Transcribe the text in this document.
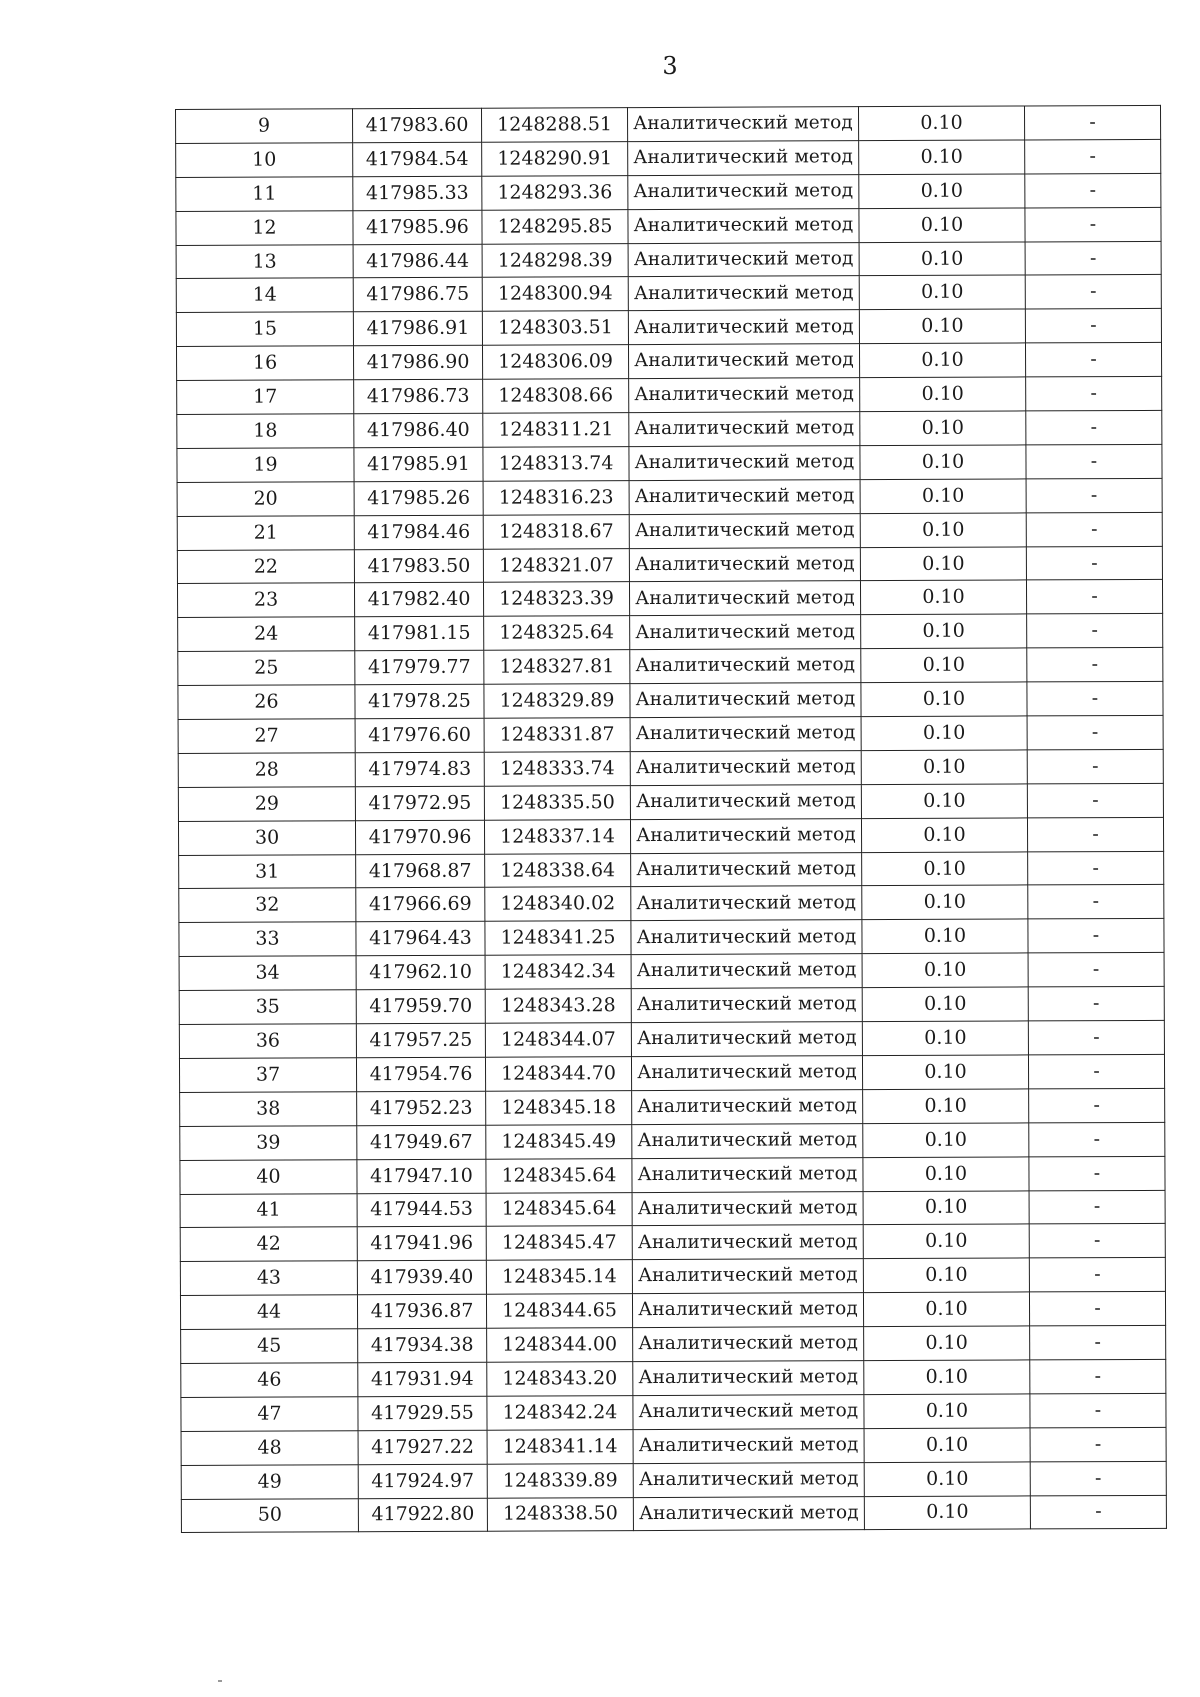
3
9	417983.60	1248288.51	Аналитический метод	0.10	-
10	417984.54	1248290.91	Аналитический метод	0.10	-
11	417985.33	1248293.36	Аналитический метод	0.10	-
12	417985.96	1248295.85	Аналитический метод	0.10	-
13	417986.44	1248298.39	Аналитический метод	0.10	-
14	417986.75	1248300.94	Аналитический метод	0.10	-
15	417986.91	1248303.51	Аналитический метод	0.10	-
16	417986.90	1248306.09	Аналитический метод	0.10	-
17	417986.73	1248308.66	Аналитический метод	0.10	-
18	417986.40	1248311.21	Аналитический метод	0.10	-
19	417985.91	1248313.74	Аналитический метод	0.10	-
20	417985.26	1248316.23	Аналитический метод	0.10	-
21	417984.46	1248318.67	Аналитический метод	0.10	-
22	417983.50	1248321.07	Аналитический метод	0.10	-
23	417982.40	1248323.39	Аналитический метод	0.10	-
24	417981.15	1248325.64	Аналитический метод	0.10	-
25	417979.77	1248327.81	Аналитический метод	0.10	-
26	417978.25	1248329.89	Аналитический метод	0.10	-
27	417976.60	1248331.87	Аналитический метод	0.10	-
28	417974.83	1248333.74	Аналитический метод	0.10	-
29	417972.95	1248335.50	Аналитический метод	0.10	-
30	417970.96	1248337.14	Аналитический метод	0.10	-
31	417968.87	1248338.64	Аналитический метод	0.10	-
32	417966.69	1248340.02	Аналитический метод	0.10	-
33	417964.43	1248341.25	Аналитический метод	0.10	-
34	417962.10	1248342.34	Аналитический метод	0.10	-
35	417959.70	1248343.28	Аналитический метод	0.10	-
36	417957.25	1248344.07	Аналитический метод	0.10	-
37	417954.76	1248344.70	Аналитический метод	0.10	-
38	417952.23	1248345.18	Аналитический метод	0.10	-
39	417949.67	1248345.49	Аналитический метод	0.10	-
40	417947.10	1248345.64	Аналитический метод	0.10	-
41	417944.53	1248345.64	Аналитический метод	0.10	-
42	417941.96	1248345.47	Аналитический метод	0.10	-
43	417939.40	1248345.14	Аналитический метод	0.10	-
44	417936.87	1248344.65	Аналитический метод	0.10	-
45	417934.38	1248344.00	Аналитический метод	0.10	-
46	417931.94	1248343.20	Аналитический метод	0.10	-
47	417929.55	1248342.24	Аналитический метод	0.10	-
48	417927.22	1248341.14	Аналитический метод	0.10	-
49	417924.97	1248339.89	Аналитический метод	0.10	-
50	417922.80	1248338.50	Аналитический метод	0.10	-
